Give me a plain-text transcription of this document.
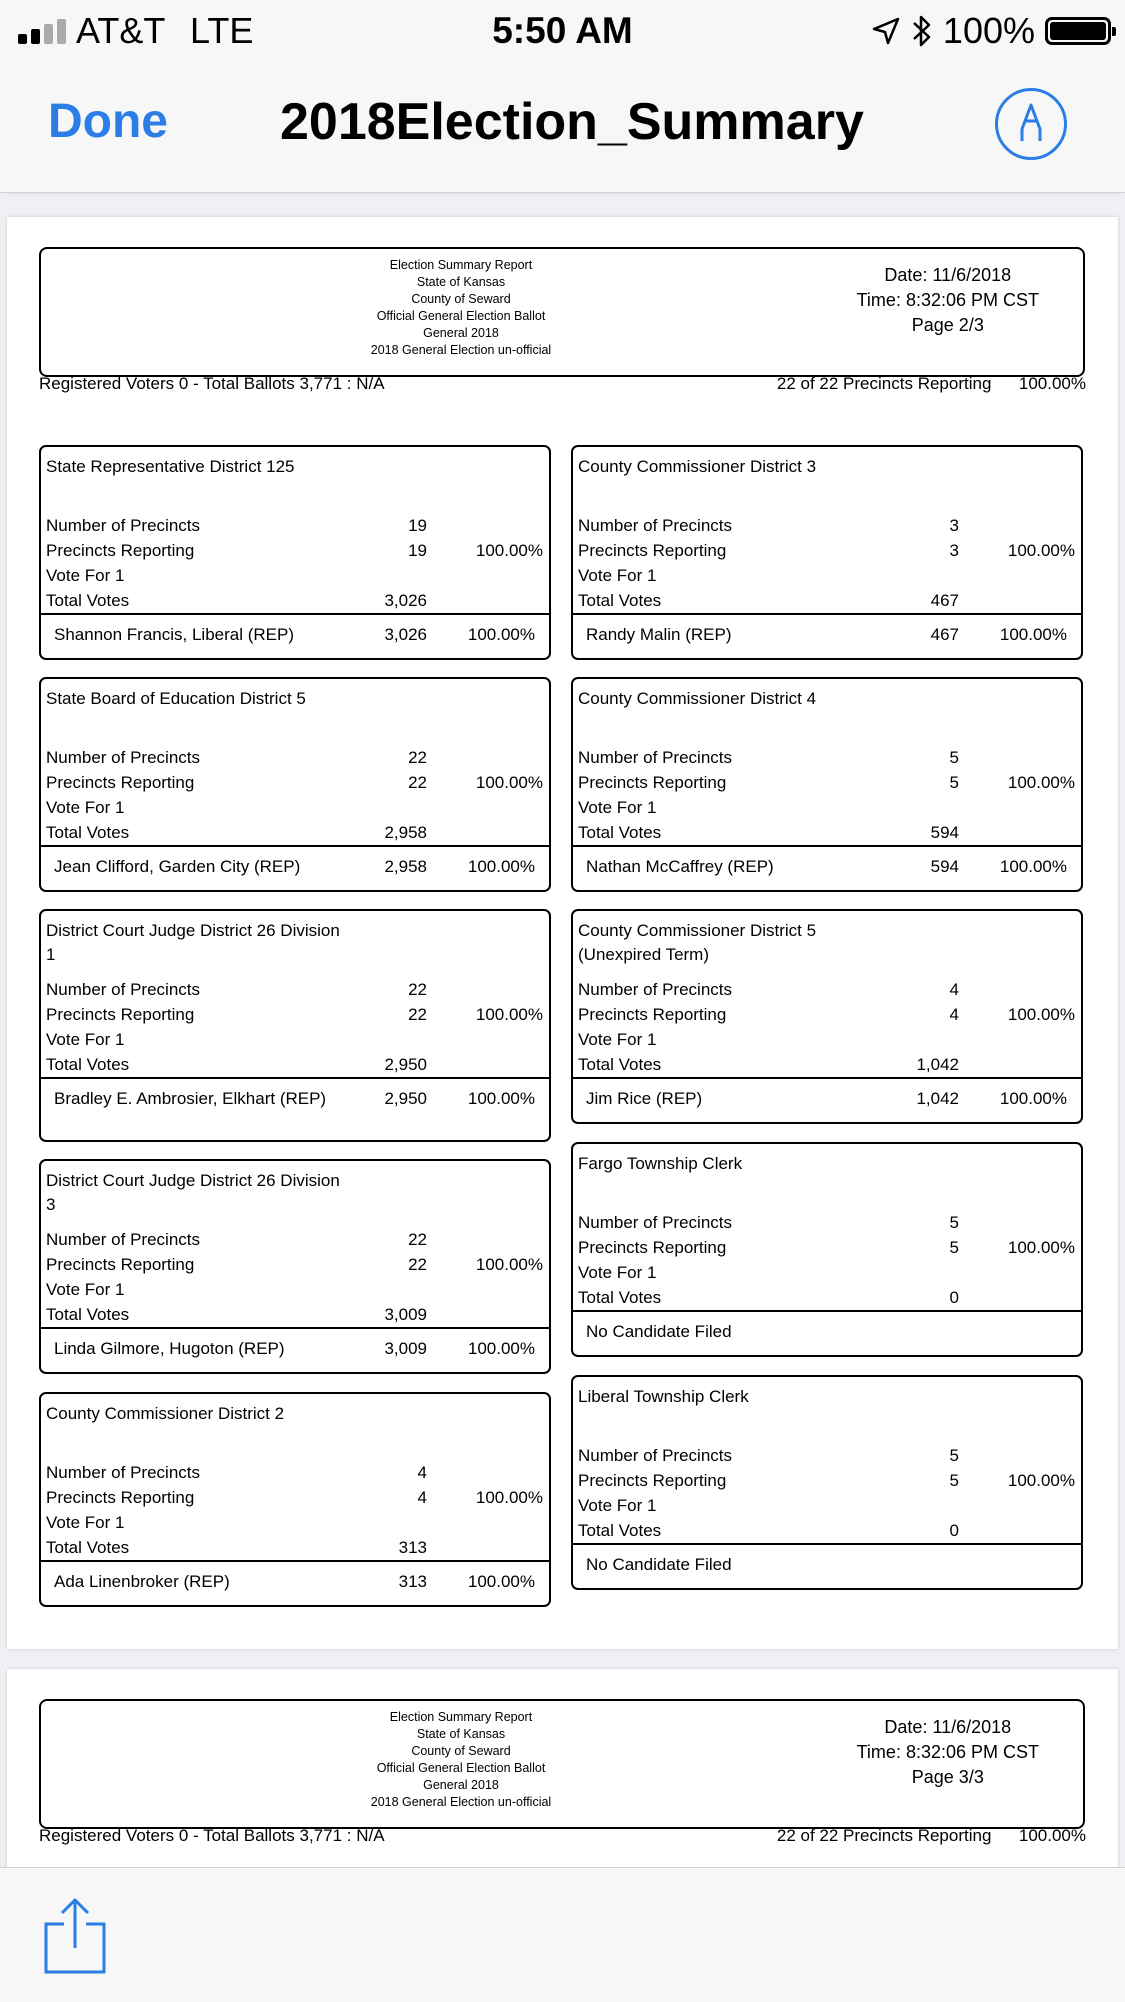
AT&T LTE	5:50 AM	100%
Done 2018Election_Summary
Election Summary Report
State of Kansas
County of Seward
Official General Election Ballot
General 2018
2018 General Election un-official
Date: 11/6/2018
Time: 8:32:06 PM CST
Page 2/3
Registered Voters 0 - Total Ballots 3,771 : N/A	22 of 22 Precincts Reporting 100.00%
State Representative District 125
Number of Precincts	19
Precincts Reporting	19	100.00%
Vote For 1
Total Votes	3,026
Shannon Francis, Liberal (REP)	3,026 100.00%
State Board of Education District 5
Number of Precincts	22
Precincts Reporting	22	100.00%
Vote For 1
Total Votes	2,958
Jean Clifford, Garden City (REP)	2,958 100.00%
District Court Judge District 26 Division 1
Number of Precincts	22
Precincts Reporting	22	100.00%
Vote For 1
Total Votes	2,950
Bradley E. Ambrosier, Elkhart (REP)	2,950 100.00%
District Court Judge District 26 Division 3
Number of Precincts	22
Precincts Reporting	22	100.00%
Vote For 1
Total Votes	3,009
Linda Gilmore, Hugoton (REP)	3,009 100.00%
County Commissioner District 2
Number of Precincts	4
Precincts Reporting	4	100.00%
Vote For 1
Total Votes	313
Ada Linenbroker (REP)	313 100.00%
County Commissioner District 3
Number of Precincts	3
Precincts Reporting	3	100.00%
Vote For 1
Total Votes	467
Randy Malin (REP)	467 100.00%
County Commissioner District 4
Number of Precincts	5
Precincts Reporting	5	100.00%
Vote For 1
Total Votes	594
Nathan McCaffrey (REP)	594 100.00%
County Commissioner District 5 (Unexpired Term)
Number of Precincts	4
Precincts Reporting	4	100.00%
Vote For 1
Total Votes	1,042
Jim Rice (REP)	1,042 100.00%
Fargo Township Clerk
Number of Precincts	5
Precincts Reporting	5	100.00%
Vote For 1
Total Votes	0
No Candidate Filed
Liberal Township Clerk
Number of Precincts	5
Precincts Reporting	5	100.00%
Vote For 1
Total Votes	0
No Candidate Filed
Election Summary Report
State of Kansas
County of Seward
Official General Election Ballot
General 2018
2018 General Election un-official
Date: 11/6/2018
Time: 8:32:06 PM CST
Page 3/3
Registered Voters 0 - Total Ballots 3,771 : N/A	22 of 22 Precincts Reporting 100.00%
